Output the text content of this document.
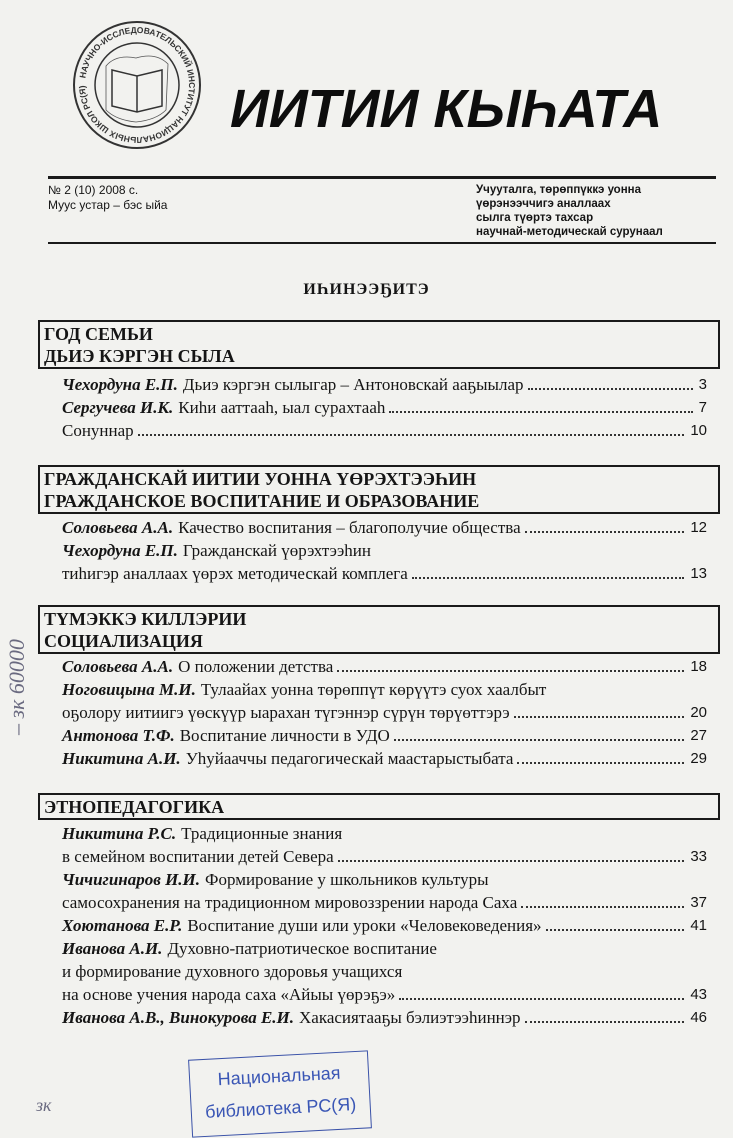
НАУЧНО-ИССЛЕДОВАТЕЛЬСКИЙ ИНСТИТУТ НАЦИОНАЛЬНЫХ ШКОЛ РС(Я)	ИИТИИ КЫҺАТА
№ 2 (10) 2008 с.
Муус устар – бэс ыйа
Учууталга, төрөппүккэ уонна
үөрэнээччигэ аналлаах
сылга түөртэ тахсар
научнай-методическай сурунаал
ИҺИНЭЭҔИТЭ
ГОД СЕМЬИ
ДЬИЭ КЭРГЭН СЫЛА
Чехордуна Е.П. Дьиэ кэргэн сылыгар – Антоновскай ааҕыылар	3
Сергучева И.К. Киһи ааттааһ, ыал сурахтааһ	7
Сонуннар	10
ГРАЖДАНСКАЙ ИИТИИ УОННА ҮӨРЭХТЭЭҺИН
ГРАЖДАНСКОЕ ВОСПИТАНИЕ И ОБРАЗОВАНИЕ
Соловьева А.А. Качество воспитания – благополучие общества	12
Чехордуна Е.П. Гражданскай үөрэхтээһин
тиһигэр аналлаах үөрэх методическай комплега	13
ТҮМЭККЭ КИЛЛЭРИИ
СОЦИАЛИЗАЦИЯ
Соловьева А.А. О положении детства	18
Ноговицына М.И. Тулаайах уонна төрөппүт көрүүтэ суох хаалбыт
оҕолору иитиигэ үөскүүр ыарахан түгэннэр сүрүн төрүөттэрэ	20
Антонова Т.Ф. Воспитание личности в УДО	27
Никитина А.И. Уһуйааччы педагогическай маастарыстыбата	29
ЭТНОПЕДАГОГИКА
Никитина Р.С. Традиционные знания
в семейном воспитании детей Севера	33
Чичигинаров И.И. Формирование у школьников культуры
самосохранения на традиционном мировоззрении народа Саха	37
Хоютанова Е.Р. Воспитание души или уроки «Человековедения»	41
Иванова А.И. Духовно-патриотическое воспитание
и формирование духовного здоровья учащихся
на основе учения народа саха «Айыы үөрэҕэ»	43
Иванова А.В., Винокурова Е.И. Хакасиятааҕы бэлиэтээһиннэр	46
– зк 60000
зк
Национальная
библиотека РС(Я)
